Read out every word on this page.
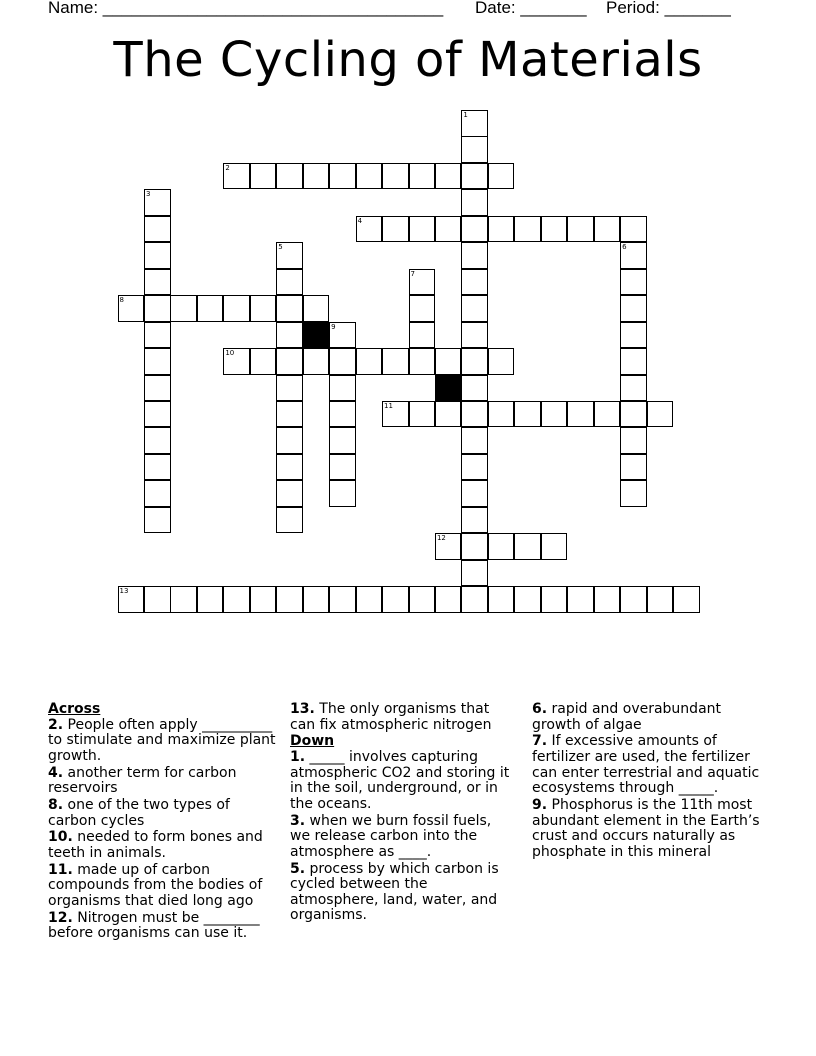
Name: ____________________________________ Date: _______ Period: _______
The Cycling of Materials
1
2
3
4
5	6
7
8
9
10
11
12
13
Across
2. People often apply __________ to stimulate and maximize plant growth.
4. another term for carbon reservoirs
8. one of the two types of carbon cycles
10. needed to form bones and teeth in animals.
11. made up of carbon compounds from the bodies of organisms that died long ago
12. Nitrogen must be ________ before organisms can use it.
13. The only organisms that can fix atmospheric nitrogen
Down
1. _____ involves capturing atmospheric CO2 and storing it in the soil, underground, or in the oceans.
3. when we burn fossil fuels, we release carbon into the atmosphere as ____.
5. process by which carbon is cycled between the atmosphere, land, water, and organisms.
6. rapid and overabundant growth of algae
7. If excessive amounts of fertilizer are used, the fertilizer can enter terrestrial and aquatic ecosystems through _____.
9. Phosphorus is the 11th most abundant element in the Earth’s crust and occurs naturally as phosphate in this mineral
